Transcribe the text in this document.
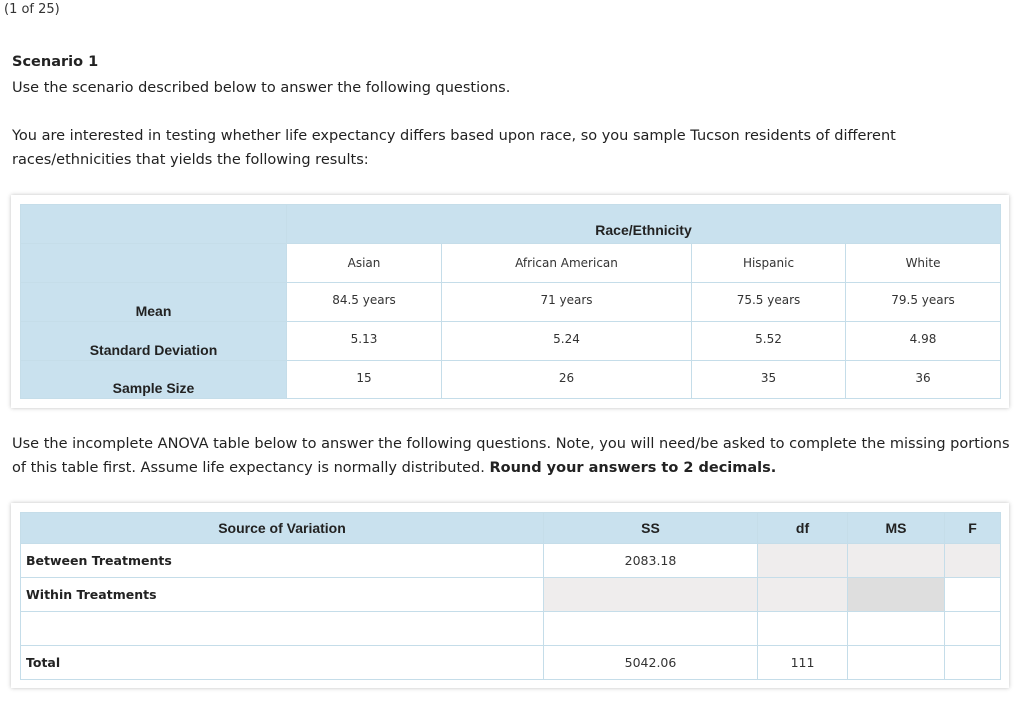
(1 of 25)
Scenario 1
Use the scenario described below to answer the following questions.
You are interested in testing whether life expectancy differs based upon race, so you sample Tucson residents of different races/ethnicities that yields the following results:
	Race/Ethnicity			
	Asian	African American	Hispanic	White
Mean	84.5 years	71 years	75.5 years	79.5 years
Standard Deviation	5.13	5.24	5.52	4.98
Sample Size	15	26	35	36
Use the incomplete ANOVA table below to answer the following questions. Note, you will need/be asked to complete the missing portions of this table first. Assume life expectancy is normally distributed. Round your answers to 2 decimals.
Source of Variation	SS	df	MS	F
Between Treatments	2083.18			
Within Treatments				

Total	5042.06	111		
